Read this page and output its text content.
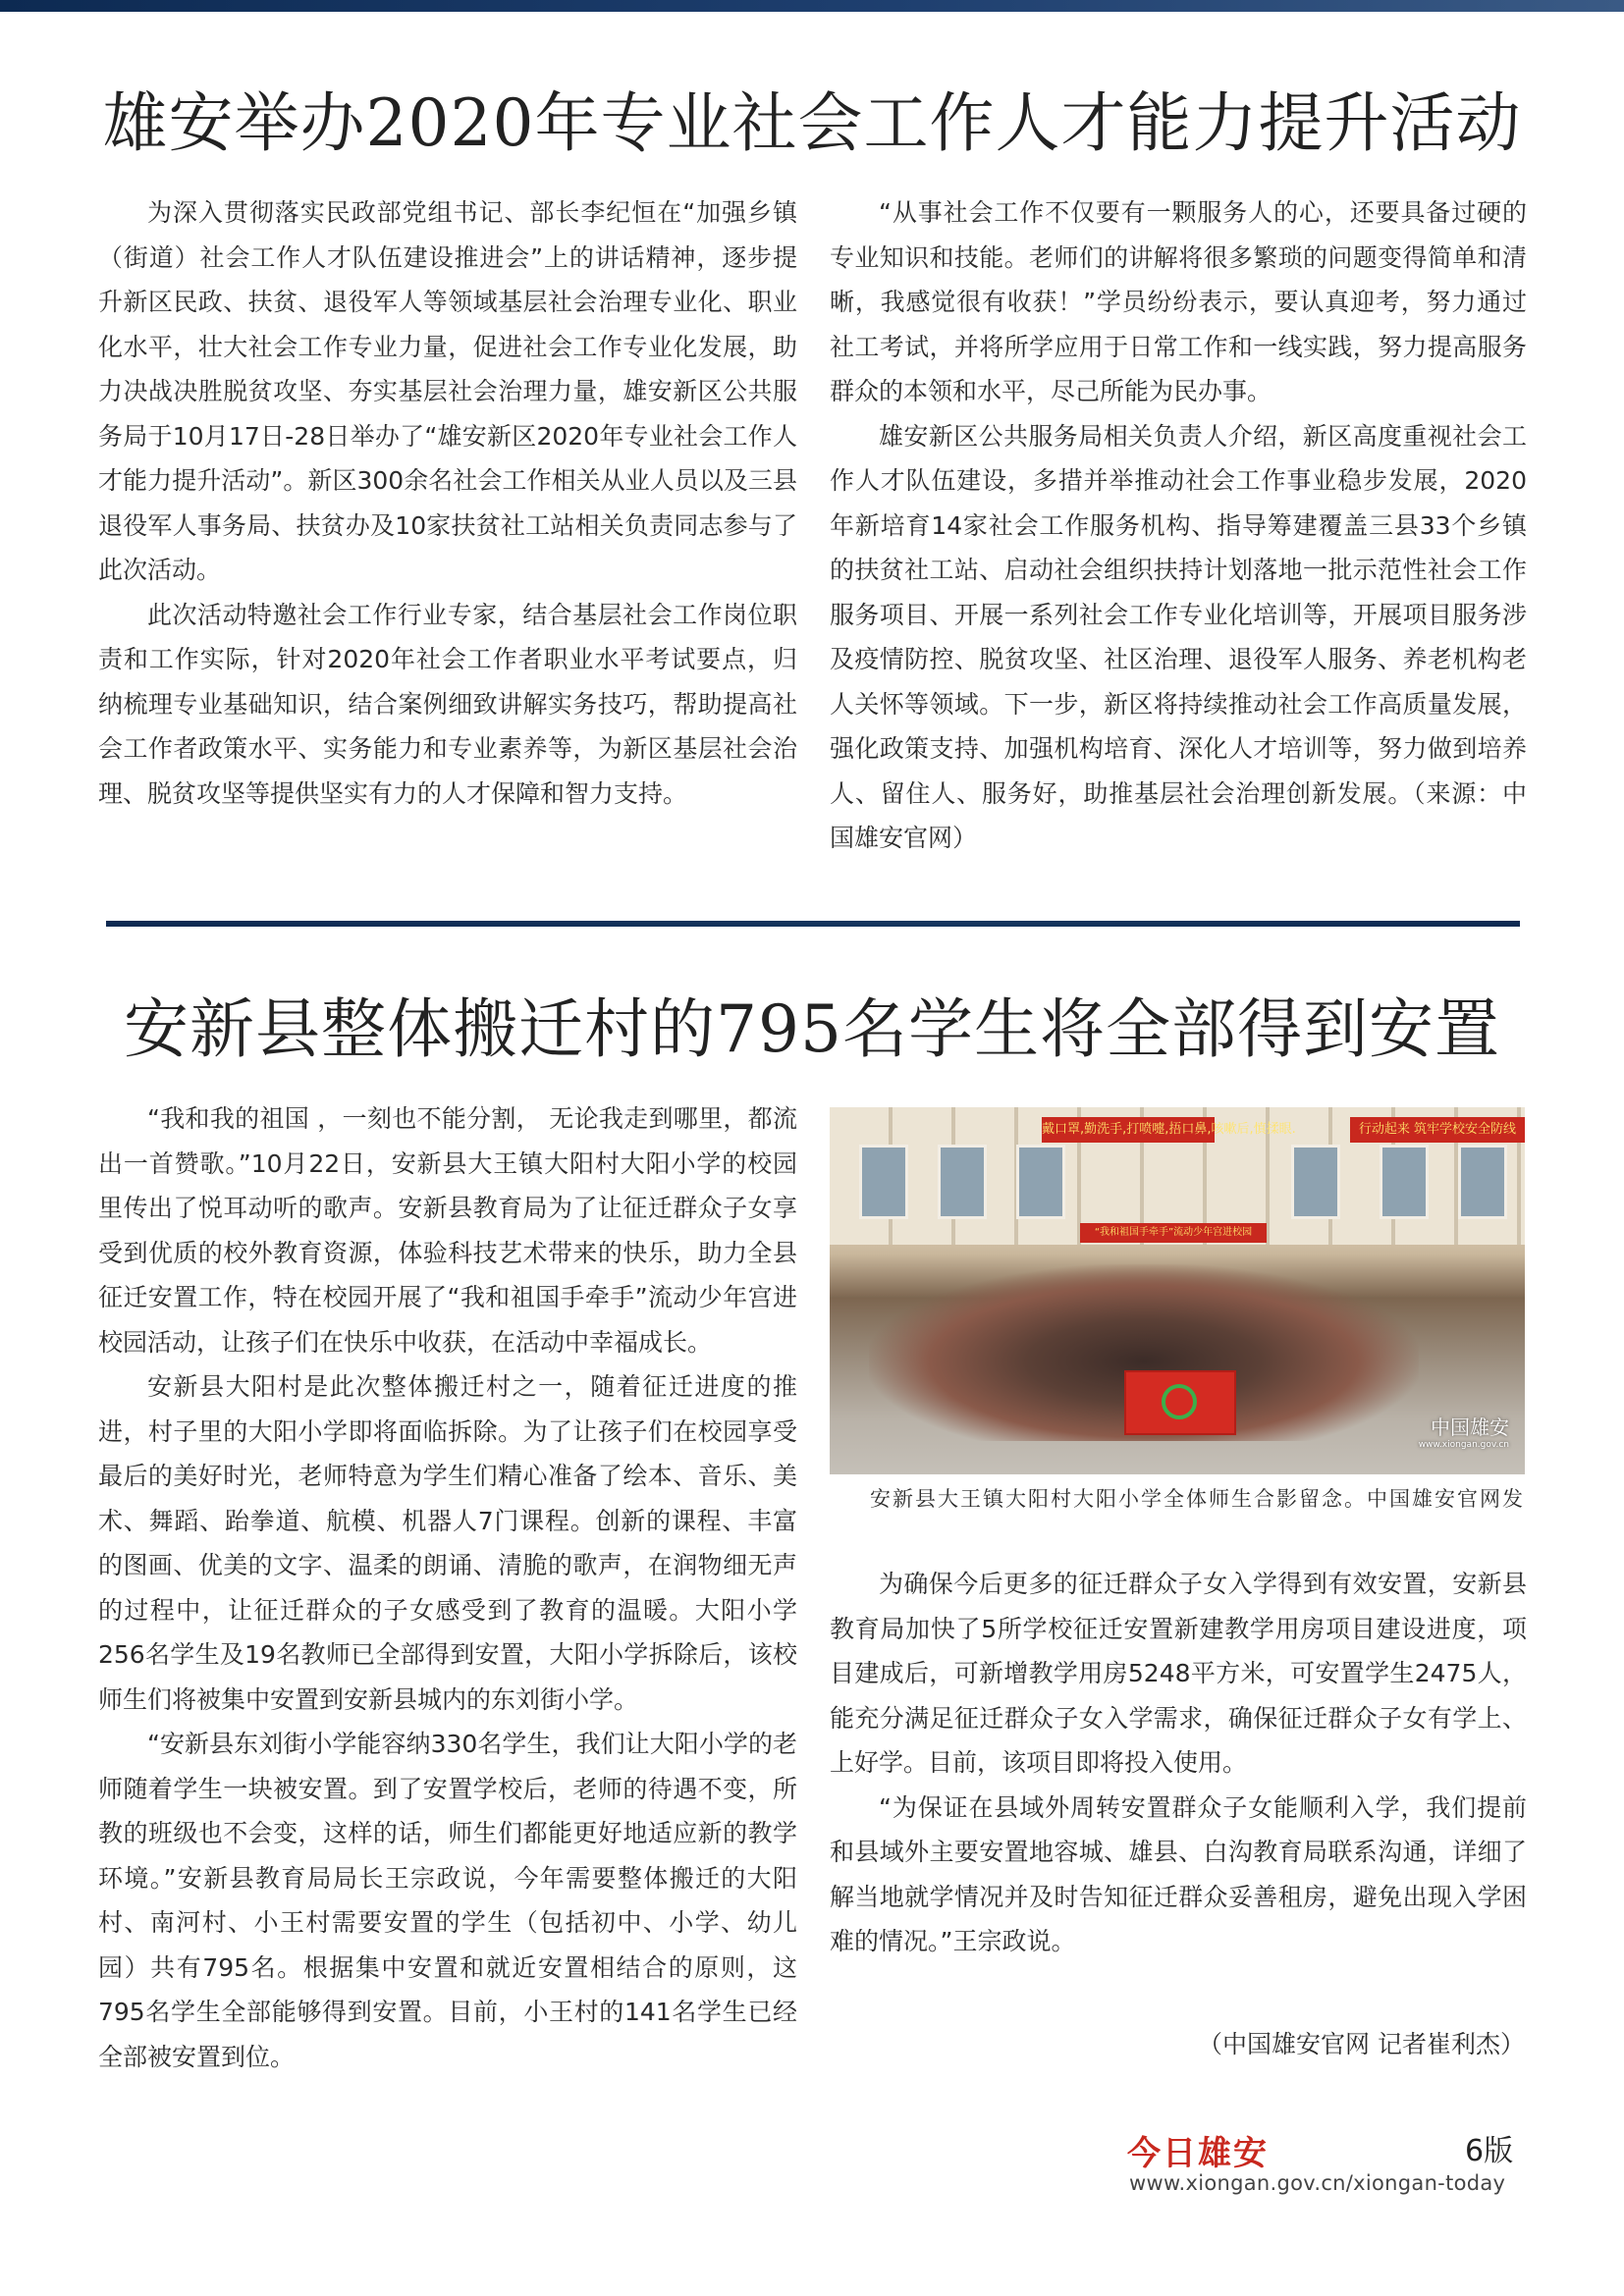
雄安举办2020年专业社会工作人才能力提升活动

为深入贯彻落实民政部党组书记、部长李纪恒在“加强乡镇（街道）社会工作人才队伍建设推进会”上的讲话精神，逐步提升新区民政、扶贫、退役军人等领域基层社会治理专业化、职业化水平，壮大社会工作专业力量，促进社会工作专业化发展，助力决战决胜脱贫攻坚、夯实基层社会治理力量，雄安新区公共服务局于10月17日-28日举办了“雄安新区2020年专业社会工作人才能力提升活动”。新区300余名社会工作相关从业人员以及三县退役军人事务局、扶贫办及10家扶贫社工站相关负责同志参与了此次活动。

此次活动特邀社会工作行业专家，结合基层社会工作岗位职责和工作实际，针对2020年社会工作者职业水平考试要点，归纳梳理专业基础知识，结合案例细致讲解实务技巧，帮助提高社会工作者政策水平、实务能力和专业素养等，为新区基层社会治理、脱贫攻坚等提供坚实有力的人才保障和智力支持。

“从事社会工作不仅要有一颗服务人的心，还要具备过硬的专业知识和技能。老师们的讲解将很多繁琐的问题变得简单和清晰，我感觉很有收获！”学员纷纷表示，要认真迎考，努力通过社工考试，并将所学应用于日常工作和一线实践，努力提高服务群众的本领和水平，尽己所能为民办事。

雄安新区公共服务局相关负责人介绍，新区高度重视社会工作人才队伍建设，多措并举推动社会工作事业稳步发展，2020年新培育14家社会工作服务机构、指导筹建覆盖三县33个乡镇的扶贫社工站、启动社会组织扶持计划落地一批示范性社会工作服务项目、开展一系列社会工作专业化培训等，开展项目服务涉及疫情防控、脱贫攻坚、社区治理、退役军人服务、养老机构老人关怀等领域。下一步，新区将持续推动社会工作高质量发展，强化政策支持、加强机构培育、深化人才培训等，努力做到培养人、留住人、服务好，助推基层社会治理创新发展。（来源：中国雄安官网）

安新县整体搬迁村的795名学生将全部得到安置

“我和我的祖国 ，一刻也不能分割， 无论我走到哪里，都流出一首赞歌。”10月22日，安新县大王镇大阳村大阳小学的校园里传出了悦耳动听的歌声。安新县教育局为了让征迁群众子女享受到优质的校外教育资源，体验科技艺术带来的快乐，助力全县征迁安置工作，特在校园开展了“我和祖国手牵手”流动少年宫进校园活动，让孩子们在快乐中收获，在活动中幸福成长。

安新县大阳村是此次整体搬迁村之一，随着征迁进度的推进，村子里的大阳小学即将面临拆除。为了让孩子们在校园享受最后的美好时光，老师特意为学生们精心准备了绘本、音乐、美术、舞蹈、跆拳道、航模、机器人7门课程。创新的课程、丰富的图画、优美的文字、温柔的朗诵、清脆的歌声，在润物细无声的过程中，让征迁群众的子女感受到了教育的温暖。大阳小学256名学生及19名教师已全部得到安置，大阳小学拆除后，该校师生们将被集中安置到安新县城内的东刘街小学。

“安新县东刘街小学能容纳330名学生，我们让大阳小学的老师随着学生一块被安置。到了安置学校后，老师的待遇不变，所教的班级也不会变，这样的话，师生们都能更好地适应新的教学环境。”安新县教育局局长王宗政说，今年需要整体搬迁的大阳村、南河村、小王村需要安置的学生（包括初中、小学、幼儿园）共有795名。根据集中安置和就近安置相结合的原则，这795名学生全部能够得到安置。目前，小王村的141名学生已经全部被安置到位。

戴口罩,勤洗手,打喷嚏,捂口鼻,咳嗽后,慎揉眼.	行动起来 筑牢学校安全防线
“我和祖国手牵手”流动少年宫进校园
中国雄安
www.xiongan.gov.cn
安新县大王镇大阳村大阳小学全体师生合影留念。中国雄安官网发

为确保今后更多的征迁群众子女入学得到有效安置，安新县教育局加快了5所学校征迁安置新建教学用房项目建设进度，项目建成后，可新增教学用房5248平方米，可安置学生2475人，能充分满足征迁群众子女入学需求，确保征迁群众子女有学上、上好学。目前，该项目即将投入使用。

“为保证在县域外周转安置群众子女能顺利入学，我们提前和县域外主要安置地容城、雄县、白沟教育局联系沟通，详细了解当地就学情况并及时告知征迁群众妥善租房，避免出现入学困难的情况。”王宗政说。

（中国雄安官网 记者崔利杰）
今日雄安	6版
www.xiongan.gov.cn/xiongan-today
